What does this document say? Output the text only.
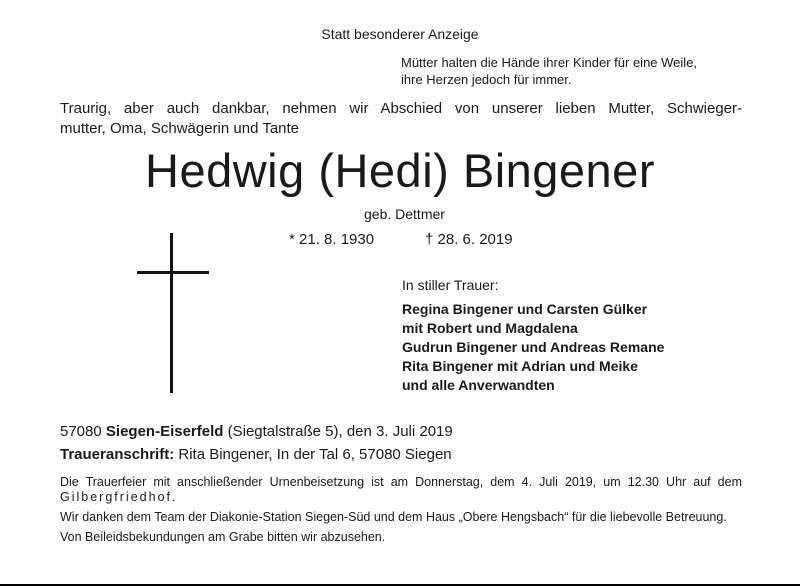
Statt besonderer Anzeige
Mütter halten die Hände ihrer Kinder für eine Weile,
ihre Herzen jedoch für immer.
Traurig, aber auch dankbar, nehmen wir Abschied von unserer lieben Mutter, Schwieger-
mutter, Oma, Schwägerin und Tante
Hedwig (Hedi) Bingener
geb. Dettmer
* 21. 8. 1930	† 28. 6. 2019
In stiller Trauer:
Regina Bingener und Carsten Gülker
mit Robert und Magdalena
Gudrun Bingener und Andreas Remane
Rita Bingener mit Adrian und Meike
und alle Anverwandten
57080 Siegen-Eiserfeld (Siegtalstraße 5), den 3. Juli 2019
Traueranschrift: Rita Bingener, In der Tal 6, 57080 Siegen

Die Trauerfeier mit anschließender Urnenbeisetzung ist am Donnerstag, dem 4. Juli 2019, um 12.30 Uhr auf dem Gilbergfriedhof.

Wir danken dem Team der Diakonie-Station Siegen-Süd und dem Haus „Obere Hengsbach“ für die liebevolle Betreuung.

Von Beileidsbekundungen am Grabe bitten wir abzusehen.
